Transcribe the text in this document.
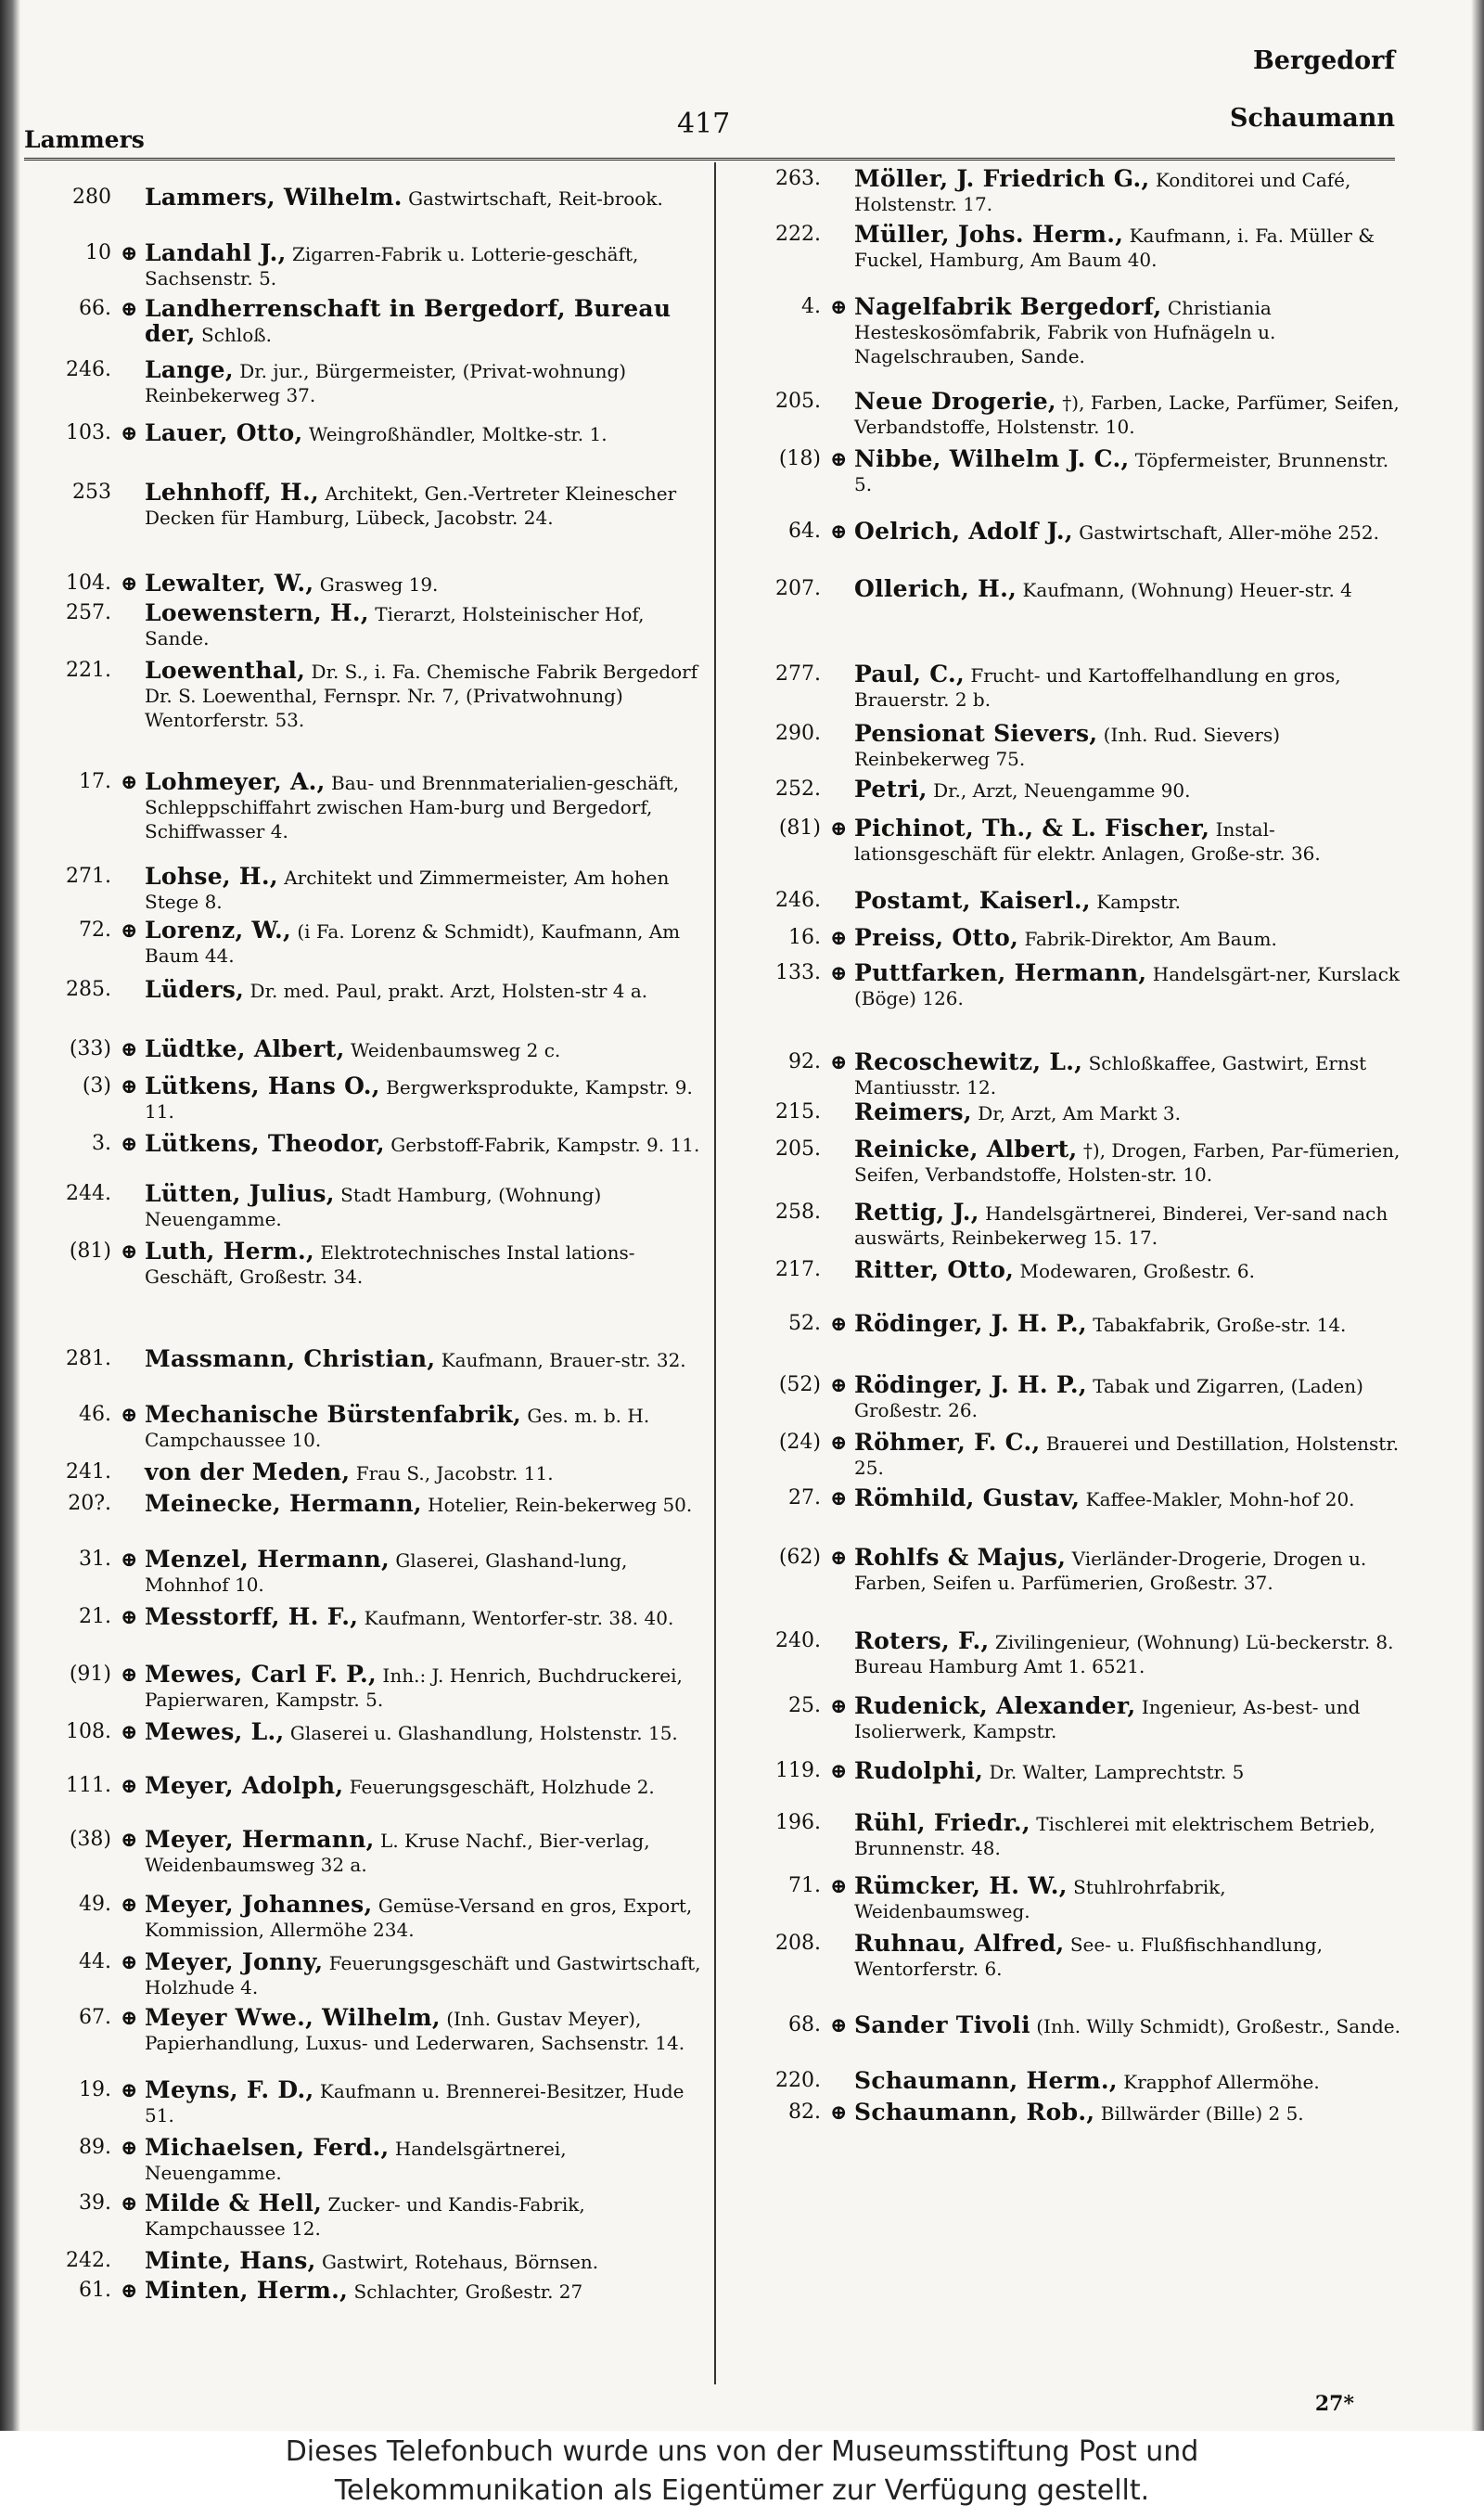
Lammers	417
Bergedorf
Schaumann
280	Lammers, Wilhelm. Gastwirtschaft, Reit-brook.
10 ⊕ Landahl J., Zigarren-Fabrik u. Lotterie-geschäft, Sachsenstr. 5.
66. ⊕ Landherrenschaft in Bergedorf, Bureau der, Schloß.
246.	Lange, Dr. jur., Bürgermeister, (Privat-wohnung) Reinbekerweg 37.
103. ⊕ Lauer, Otto, Weingroßhändler, Moltke-str. 1.
253	Lehnhoff, H., Architekt, Gen.-Vertreter Kleinescher Decken für Hamburg, Lübeck, Jacobstr. 24.
104. ⊕ Lewalter, W., Grasweg 19.
257.	Loewenstern, H., Tierarzt, Holsteinischer Hof, Sande.
221.	Loewenthal, Dr. S., i. Fa. Chemische Fabrik Bergedorf Dr. S. Loewenthal, Fernspr. Nr. 7, (Privatwohnung) Wentorferstr. 53.
17. ⊕ Lohmeyer, A., Bau- und Brennmaterialien-geschäft, Schleppschiffahrt zwischen Ham-burg und Bergedorf, Schiffwasser 4.
271.	Lohse, H., Architekt und Zimmermeister, Am hohen Stege 8.
72. ⊕ Lorenz, W., (i Fa. Lorenz & Schmidt), Kaufmann, Am Baum 44.
285.	Lüders, Dr. med. Paul, prakt. Arzt, Holsten-str 4 a.
(33) ⊕ Lüdtke, Albert, Weidenbaumsweg 2 c.
(3) ⊕ Lütkens, Hans O., Bergwerksprodukte, Kampstr. 9. 11.
3. ⊕ Lütkens, Theodor, Gerbstoff-Fabrik, Kampstr. 9. 11.
244.	Lütten, Julius, Stadt Hamburg, (Wohnung) Neuengamme.
(81) ⊕ Luth, Herm., Elektrotechnisches Instal lations-Geschäft, Großestr. 34.
281.	Massmann, Christian, Kaufmann, Brauer-str. 32.
46. ⊕ Mechanische Bürstenfabrik, Ges. m. b. H. Campchaussee 10.
241.	von der Meden, Frau S., Jacobstr. 11.
20?.	Meinecke, Hermann, Hotelier, Rein-bekerweg 50.
31. ⊕ Menzel, Hermann, Glaserei, Glashand-lung, Mohnhof 10.
21. ⊕ Messtorff, H. F., Kaufmann, Wentorfer-str. 38. 40.
(91) ⊕ Mewes, Carl F. P., Inh.: J. Henrich, Buchdruckerei, Papierwaren, Kampstr. 5.
108. ⊕ Mewes, L., Glaserei u. Glashandlung, Holstenstr. 15.
111. ⊕ Meyer, Adolph, Feuerungsgeschäft, Holzhude 2.
(38) ⊕ Meyer, Hermann, L. Kruse Nachf., Bier-verlag, Weidenbaumsweg 32 a.
49. ⊕ Meyer, Johannes, Gemüse-Versand en gros, Export, Kommission, Allermöhe 234.
44. ⊕ Meyer, Jonny, Feuerungsgeschäft und Gastwirtschaft, Holzhude 4.
67. ⊕ Meyer Wwe., Wilhelm, (Inh. Gustav Meyer), Papierhandlung, Luxus- und Lederwaren, Sachsenstr. 14.
19. ⊕ Meyns, F. D., Kaufmann u. Brennerei-Besitzer, Hude 51.
89. ⊕ Michaelsen, Ferd., Handelsgärtnerei, Neuengamme.
39. ⊕ Milde & Hell, Zucker- und Kandis-Fabrik, Kampchaussee 12.
242.	Minte, Hans, Gastwirt, Rotehaus, Börnsen.
61. ⊕ Minten, Herm., Schlachter, Großestr. 27
263.	Möller, J. Friedrich G., Konditorei und Café, Holstenstr. 17.
222.	Müller, Johs. Herm., Kaufmann, i. Fa. Müller & Fuckel, Hamburg, Am Baum 40.
4. ⊕ Nagelfabrik Bergedorf, Christiania Hesteskosömfabrik, Fabrik von Hufnägeln u. Nagelschrauben, Sande.
205.	Neue Drogerie, †), Farben, Lacke, Parfümer, Seifen, Verbandstoffe, Holstenstr. 10.
(18) ⊕ Nibbe, Wilhelm J. C., Töpfermeister, Brunnenstr. 5.
64. ⊕ Oelrich, Adolf J., Gastwirtschaft, Aller-möhe 252.
207.	Ollerich, H., Kaufmann, (Wohnung) Heuer-str. 4
277.	Paul, C., Frucht- und Kartoffelhandlung en gros, Brauerstr. 2 b.
290.	Pensionat Sievers, (Inh. Rud. Sievers) Reinbekerweg 75.
252.	Petri, Dr., Arzt, Neuengamme 90.
(81) ⊕ Pichinot, Th., & L. Fischer, Instal-lationsgeschäft für elektr. Anlagen, Große-str. 36.
246.	Postamt, Kaiserl., Kampstr.
16. ⊕ Preiss, Otto, Fabrik-Direktor, Am Baum.
133. ⊕ Puttfarken, Hermann, Handelsgärt-ner, Kurslack (Böge) 126.
92. ⊕ Recoschewitz, L., Schloßkaffee, Gastwirt, Ernst Mantiusstr. 12.
215.	Reimers, Dr, Arzt, Am Markt 3.
205.	Reinicke, Albert, †), Drogen, Farben, Par-fümerien, Seifen, Verbandstoffe, Holsten-str. 10.
258.	Rettig, J., Handelsgärtnerei, Binderei, Ver-sand nach auswärts, Reinbekerweg 15. 17.
217.	Ritter, Otto, Modewaren, Großestr. 6.
52. ⊕ Rödinger, J. H. P., Tabakfabrik, Große-str. 14.
(52) ⊕ Rödinger, J. H. P., Tabak und Zigarren, (Laden) Großestr. 26.
(24) ⊕ Röhmer, F. C., Brauerei und Destillation, Holstenstr. 25.
27. ⊕ Römhild, Gustav, Kaffee-Makler, Mohn-hof 20.
(62) ⊕ Rohlfs & Majus, Vierländer-Drogerie, Drogen u. Farben, Seifen u. Parfümerien, Großestr. 37.
240.	Roters, F., Zivilingenieur, (Wohnung) Lü-beckerstr. 8. Bureau Hamburg Amt 1. 6521.
25. ⊕ Rudenick, Alexander, Ingenieur, As-best- und Isolierwerk, Kampstr.
119. ⊕ Rudolphi, Dr. Walter, Lamprechtstr. 5
196.	Rühl, Friedr., Tischlerei mit elektrischem Betrieb, Brunnenstr. 48.
71. ⊕ Rümcker, H. W., Stuhlrohrfabrik, Weidenbaumsweg.
208.	Ruhnau, Alfred, See- u. Flußfischhandlung, Wentorferstr. 6.
68. ⊕ Sander Tivoli (Inh. Willy Schmidt), Großestr., Sande.
220.	Schaumann, Herm., Krapphof Allermöhe.
82. ⊕ Schaumann, Rob., Billwärder (Bille) 2 5.
27*
Dieses Telefonbuch wurde uns von der Museumsstiftung Post und
Telekommunikation als Eigentümer zur Verfügung gestellt.
